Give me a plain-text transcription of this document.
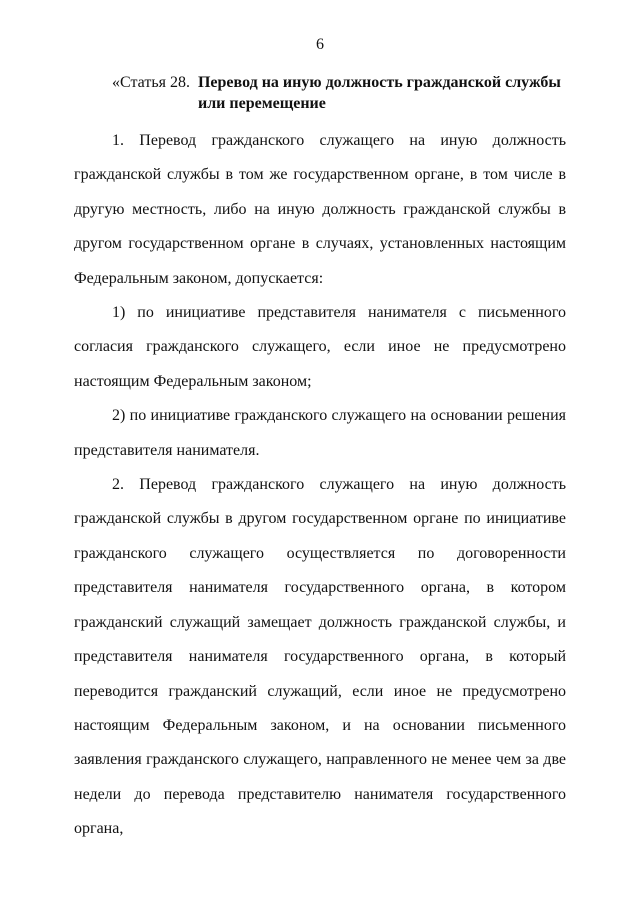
6
«Статья 28. Перевод на иную должность гражданской службы или перемещение

1. Перевод гражданского служащего на иную должность гражданской службы в том же государственном органе, в том числе в другую местность, либо на иную должность гражданской службы в другом государственном органе в случаях, установленных настоящим Федеральным законом, допускается:

1) по инициативе представителя нанимателя с письменного согласия гражданского служащего, если иное не предусмотрено настоящим Федеральным законом;

2) по инициативе гражданского служащего на основании решения представителя нанимателя.

2. Перевод гражданского служащего на иную должность гражданской службы в другом государственном органе по инициативе гражданского служащего осуществляется по договоренности представителя нанимателя государственного органа, в котором гражданский служащий замещает должность гражданской службы, и представителя нанимателя государственного органа, в который переводится гражданский служащий, если иное не предусмотрено настоящим Федеральным законом, и на основании письменного заявления гражданского служащего, направленного не менее чем за две недели до перевода представителю нанимателя государственного органа,
